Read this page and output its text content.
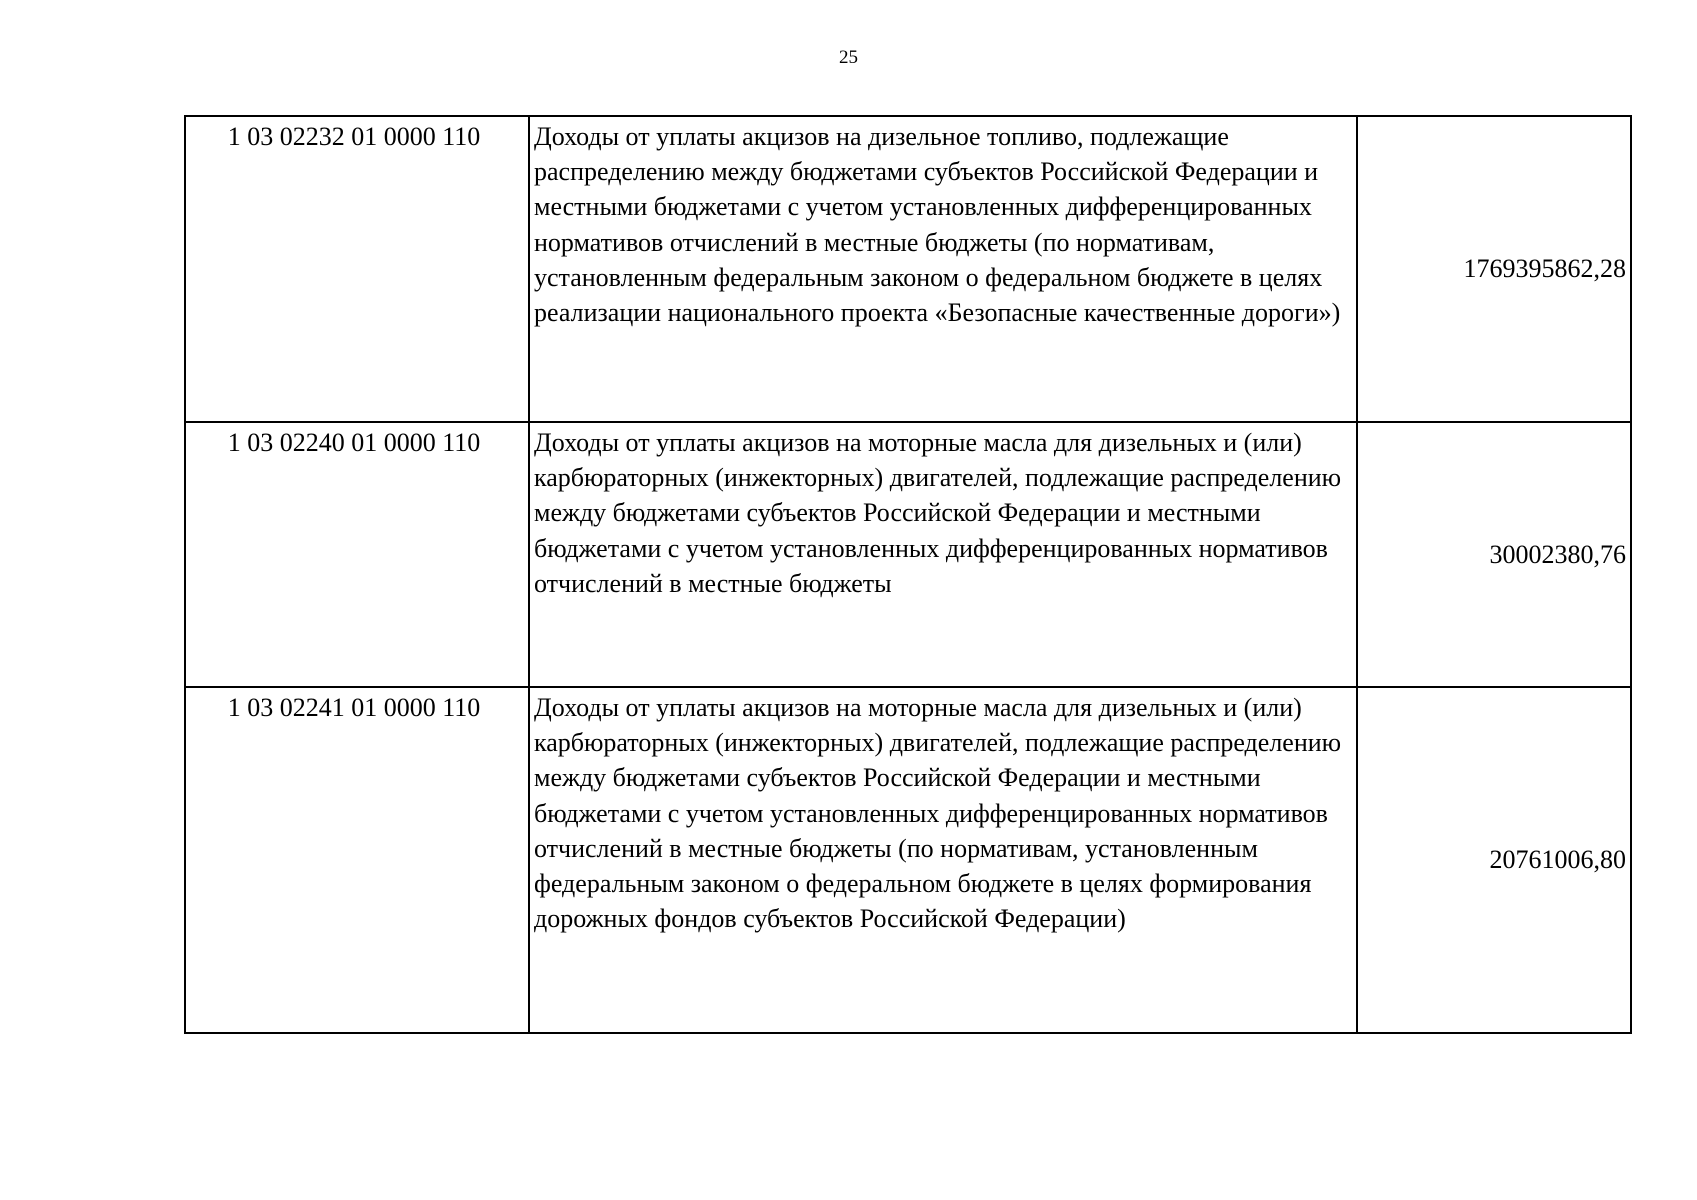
25
1 03 02232 01 0000 110	Доходы от уплаты акцизов на дизельное топливо, подлежащие распределению между бюджетами субъектов Российской Федерации и местными бюджетами с учетом установленных дифференцированных нормативов отчислений в местные бюджеты (по нормативам, установленным федеральным законом о федеральном бюджете в целях реализации национального проекта «Безопасные качественные дороги»)	1769395862,28
1 03 02240 01 0000 110	Доходы от уплаты акцизов на моторные масла для дизельных и (или) карбюраторных (инжекторных) двигателей, подлежащие распределению между бюджетами субъектов Российской Федерации и местными бюджетами с учетом установленных дифференцированных нормативов отчислений в местные бюджеты	30002380,76
1 03 02241 01 0000 110	Доходы от уплаты акцизов на моторные масла для дизельных и (или) карбюраторных (инжекторных) двигателей, подлежащие распределению между бюджетами субъектов Российской Федерации и местными бюджетами с учетом установленных дифференцированных нормативов отчислений в местные бюджеты (по нормативам, установленным федеральным законом о федеральном бюджете в целях формирования дорожных фондов субъектов Российской Федерации)	20761006,80
